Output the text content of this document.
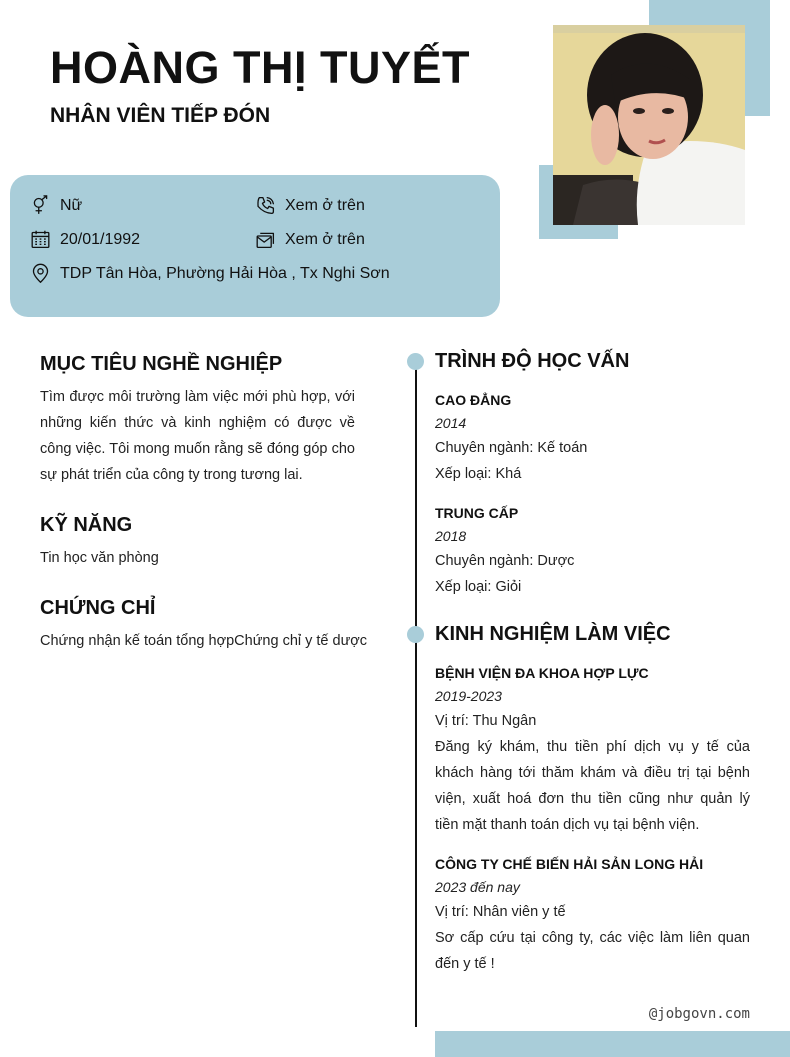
HOÀNG THỊ TUYẾT
NHÂN VIÊN TIẾP ĐÓN
Nữ	Xem ở trên
20/01/1992	Xem ở trên
TDP Tân Hòa, Phường Hải Hòa , Tx Nghi Sơn
MỤC TIÊU NGHỀ NGHIỆP
Tìm được môi trường làm việc mới phù hợp, với những kiến thức và kinh nghiệm có được về công việc. Tôi mong muốn rằng sẽ đóng góp cho sự phát triển của công ty trong tương lai.
KỸ NĂNG
Tin học văn phòng
CHỨNG CHỈ
Chứng nhận kế toán tổng hợpChứng chỉ y tế dược
TRÌNH ĐỘ HỌC VẤN
CAO ĐẲNG
2014
Chuyên ngành: Kế toán
Xếp loại: Khá
TRUNG CẤP
2018
Chuyên ngành: Dược
Xếp loại: Giỏi
KINH NGHIỆM LÀM VIỆC
BỆNH VIỆN ĐA KHOA HỢP LỰC
2019-2023
Vị trí: Thu Ngân
Đăng ký khám, thu tiền phí dịch vụ y tế của khách hàng tới thăm khám và điều trị tại bệnh viện, xuất hoá đơn thu tiền cũng như quản lý tiền mặt thanh toán dịch vụ tại bệnh viện.
CÔNG TY CHẾ BIẾN HẢI SẢN LONG HẢI
2023 đến nay
Vị trí: Nhân viên y tế
Sơ cấp cứu tại công ty, các việc làm liên quan đến y tế !
@jobgovn.com
